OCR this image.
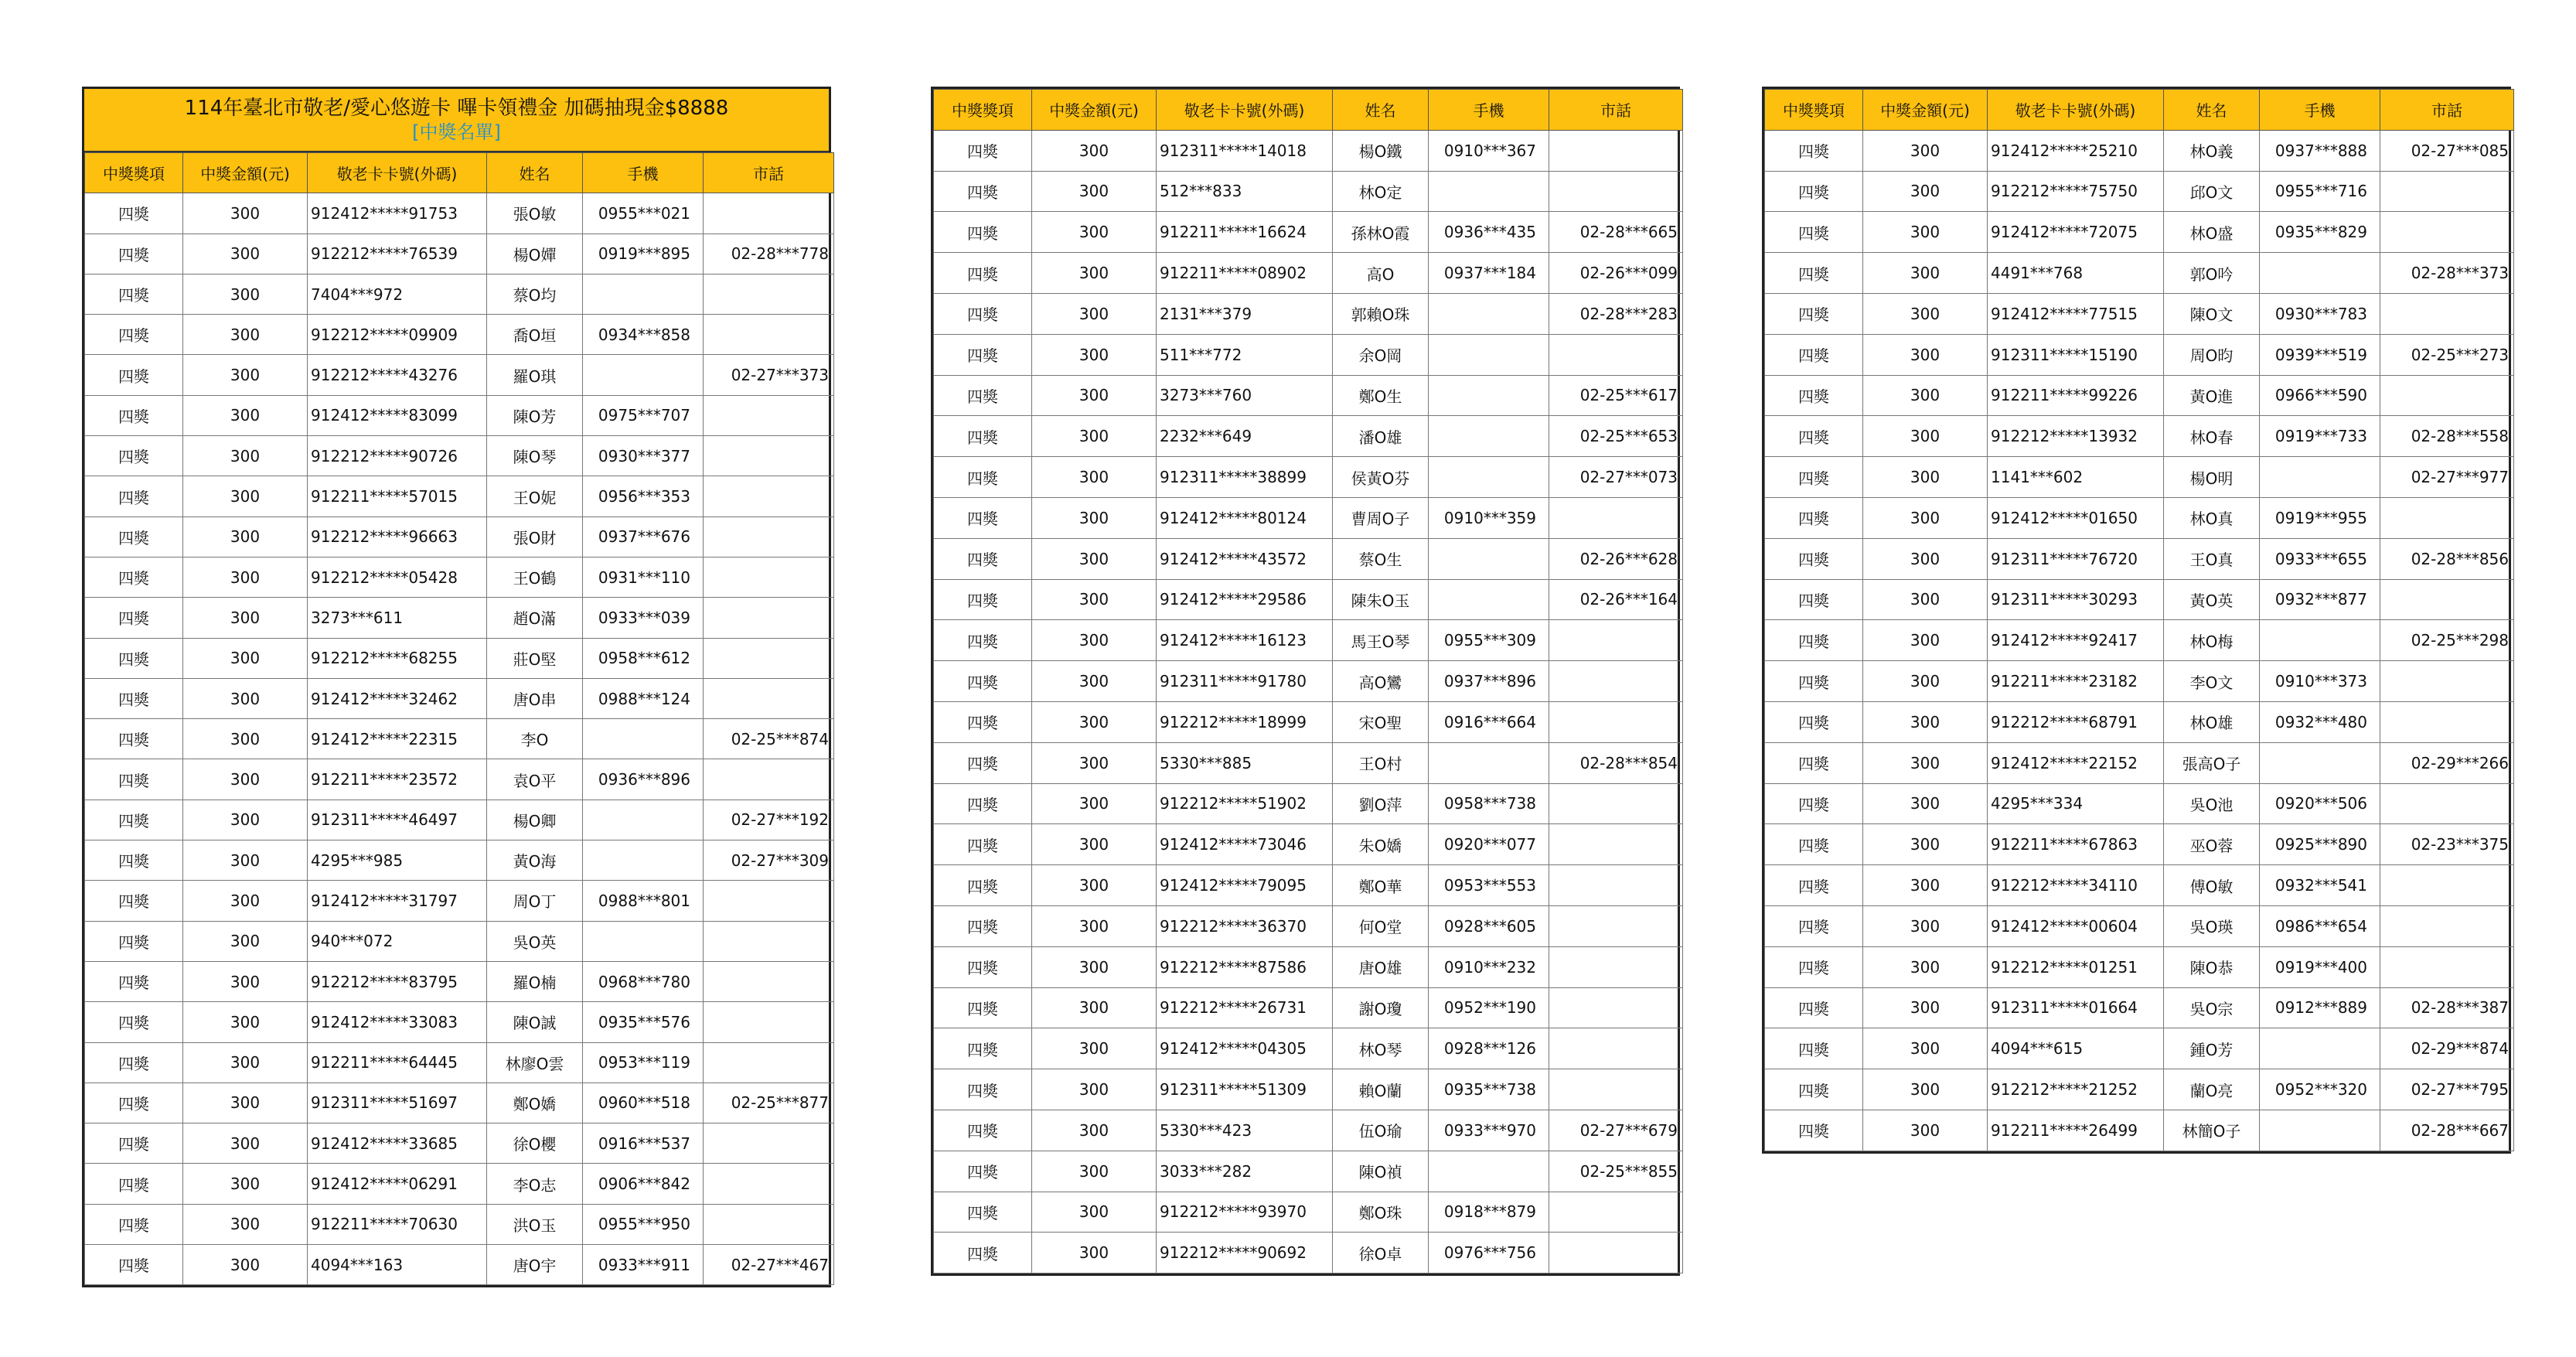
114年臺北市敬老/愛心悠遊卡 嗶卡領禮金 加碼抽現金$8888
[中獎名單]
中獎獎項	中獎金額(元)	敬老卡卡號(外碼)	姓名	手機	市話
四獎	300	912412*****91753	張O敏	0955***021	
四獎	300	912212*****76539	楊O嬋	0919***895	02-28***778
四獎	300	7404***972	蔡O均		
四獎	300	912212*****09909	喬O垣	0934***858	
四獎	300	912212*****43276	羅O琪		02-27***373
四獎	300	912412*****83099	陳O芳	0975***707	
四獎	300	912212*****90726	陳O琴	0930***377	
四獎	300	912211*****57015	王O妮	0956***353	
四獎	300	912212*****96663	張O財	0937***676	
四獎	300	912212*****05428	王O鶴	0931***110	
四獎	300	3273***611	趙O滿	0933***039	
四獎	300	912212*****68255	莊O堅	0958***612	
四獎	300	912412*****32462	唐O串	0988***124	
四獎	300	912412*****22315	李O		02-25***874
四獎	300	912211*****23572	袁O平	0936***896	
四獎	300	912311*****46497	楊O卿		02-27***192
四獎	300	4295***985	黃O海		02-27***309
四獎	300	912412*****31797	周O丁	0988***801	
四獎	300	940***072	吳O英		
四獎	300	912212*****83795	羅O楠	0968***780	
四獎	300	912412*****33083	陳O誠	0935***576	
四獎	300	912211*****64445	林廖O雲	0953***119	
四獎	300	912311*****51697	鄭O嬌	0960***518	02-25***877
四獎	300	912412*****33685	徐O櫻	0916***537	
四獎	300	912412*****06291	李O志	0906***842	
四獎	300	912211*****70630	洪O玉	0955***950	
四獎	300	4094***163	唐O宇	0933***911	02-27***467
中獎獎項	中獎金額(元)	敬老卡卡號(外碼)	姓名	手機	市話
四獎	300	912311*****14018	楊O鐵	0910***367	
四獎	300	512***833	林O定		
四獎	300	912211*****16624	孫林O霞	0936***435	02-28***665
四獎	300	912211*****08902	高O	0937***184	02-26***099
四獎	300	2131***379	郭賴O珠		02-28***283
四獎	300	511***772	余O岡		
四獎	300	3273***760	鄭O生		02-25***617
四獎	300	2232***649	潘O雄		02-25***653
四獎	300	912311*****38899	侯黃O芬		02-27***073
四獎	300	912412*****80124	曹周O子	0910***359	
四獎	300	912412*****43572	蔡O生		02-26***628
四獎	300	912412*****29586	陳朱O玉		02-26***164
四獎	300	912412*****16123	馬王O琴	0955***309	
四獎	300	912311*****91780	高O鸞	0937***896	
四獎	300	912212*****18999	宋O聖	0916***664	
四獎	300	5330***885	王O村		02-28***854
四獎	300	912212*****51902	劉O萍	0958***738	
四獎	300	912412*****73046	朱O嬌	0920***077	
四獎	300	912412*****79095	鄭O華	0953***553	
四獎	300	912212*****36370	何O堂	0928***605	
四獎	300	912212*****87586	唐O雄	0910***232	
四獎	300	912212*****26731	謝O瓊	0952***190	
四獎	300	912412*****04305	林O琴	0928***126	
四獎	300	912311*****51309	賴O蘭	0935***738	
四獎	300	5330***423	伍O瑜	0933***970	02-27***679
四獎	300	3033***282	陳O禎		02-25***855
四獎	300	912212*****93970	鄭O珠	0918***879	
四獎	300	912212*****90692	徐O卓	0976***756	
中獎獎項	中獎金額(元)	敬老卡卡號(外碼)	姓名	手機	市話
四獎	300	912412*****25210	林O義	0937***888	02-27***085
四獎	300	912212*****75750	邱O文	0955***716	
四獎	300	912412*****72075	林O盛	0935***829	
四獎	300	4491***768	郭O吟		02-28***373
四獎	300	912412*****77515	陳O文	0930***783	
四獎	300	912311*****15190	周O昀	0939***519	02-25***273
四獎	300	912211*****99226	黃O進	0966***590	
四獎	300	912212*****13932	林O春	0919***733	02-28***558
四獎	300	1141***602	楊O明		02-27***977
四獎	300	912412*****01650	林O真	0919***955	
四獎	300	912311*****76720	王O真	0933***655	02-28***856
四獎	300	912311*****30293	黃O英	0932***877	
四獎	300	912412*****92417	林O梅		02-25***298
四獎	300	912211*****23182	李O文	0910***373	
四獎	300	912212*****68791	林O雄	0932***480	
四獎	300	912412*****22152	張高O子		02-29***266
四獎	300	4295***334	吳O池	0920***506	
四獎	300	912211*****67863	巫O蓉	0925***890	02-23***375
四獎	300	912212*****34110	傅O敏	0932***541	
四獎	300	912412*****00604	吳O瑛	0986***654	
四獎	300	912212*****01251	陳O恭	0919***400	
四獎	300	912311*****01664	吳O宗	0912***889	02-28***387
四獎	300	4094***615	鍾O芳		02-29***874
四獎	300	912212*****21252	蘭O亮	0952***320	02-27***795
四獎	300	912211*****26499	林簡O子		02-28***667
